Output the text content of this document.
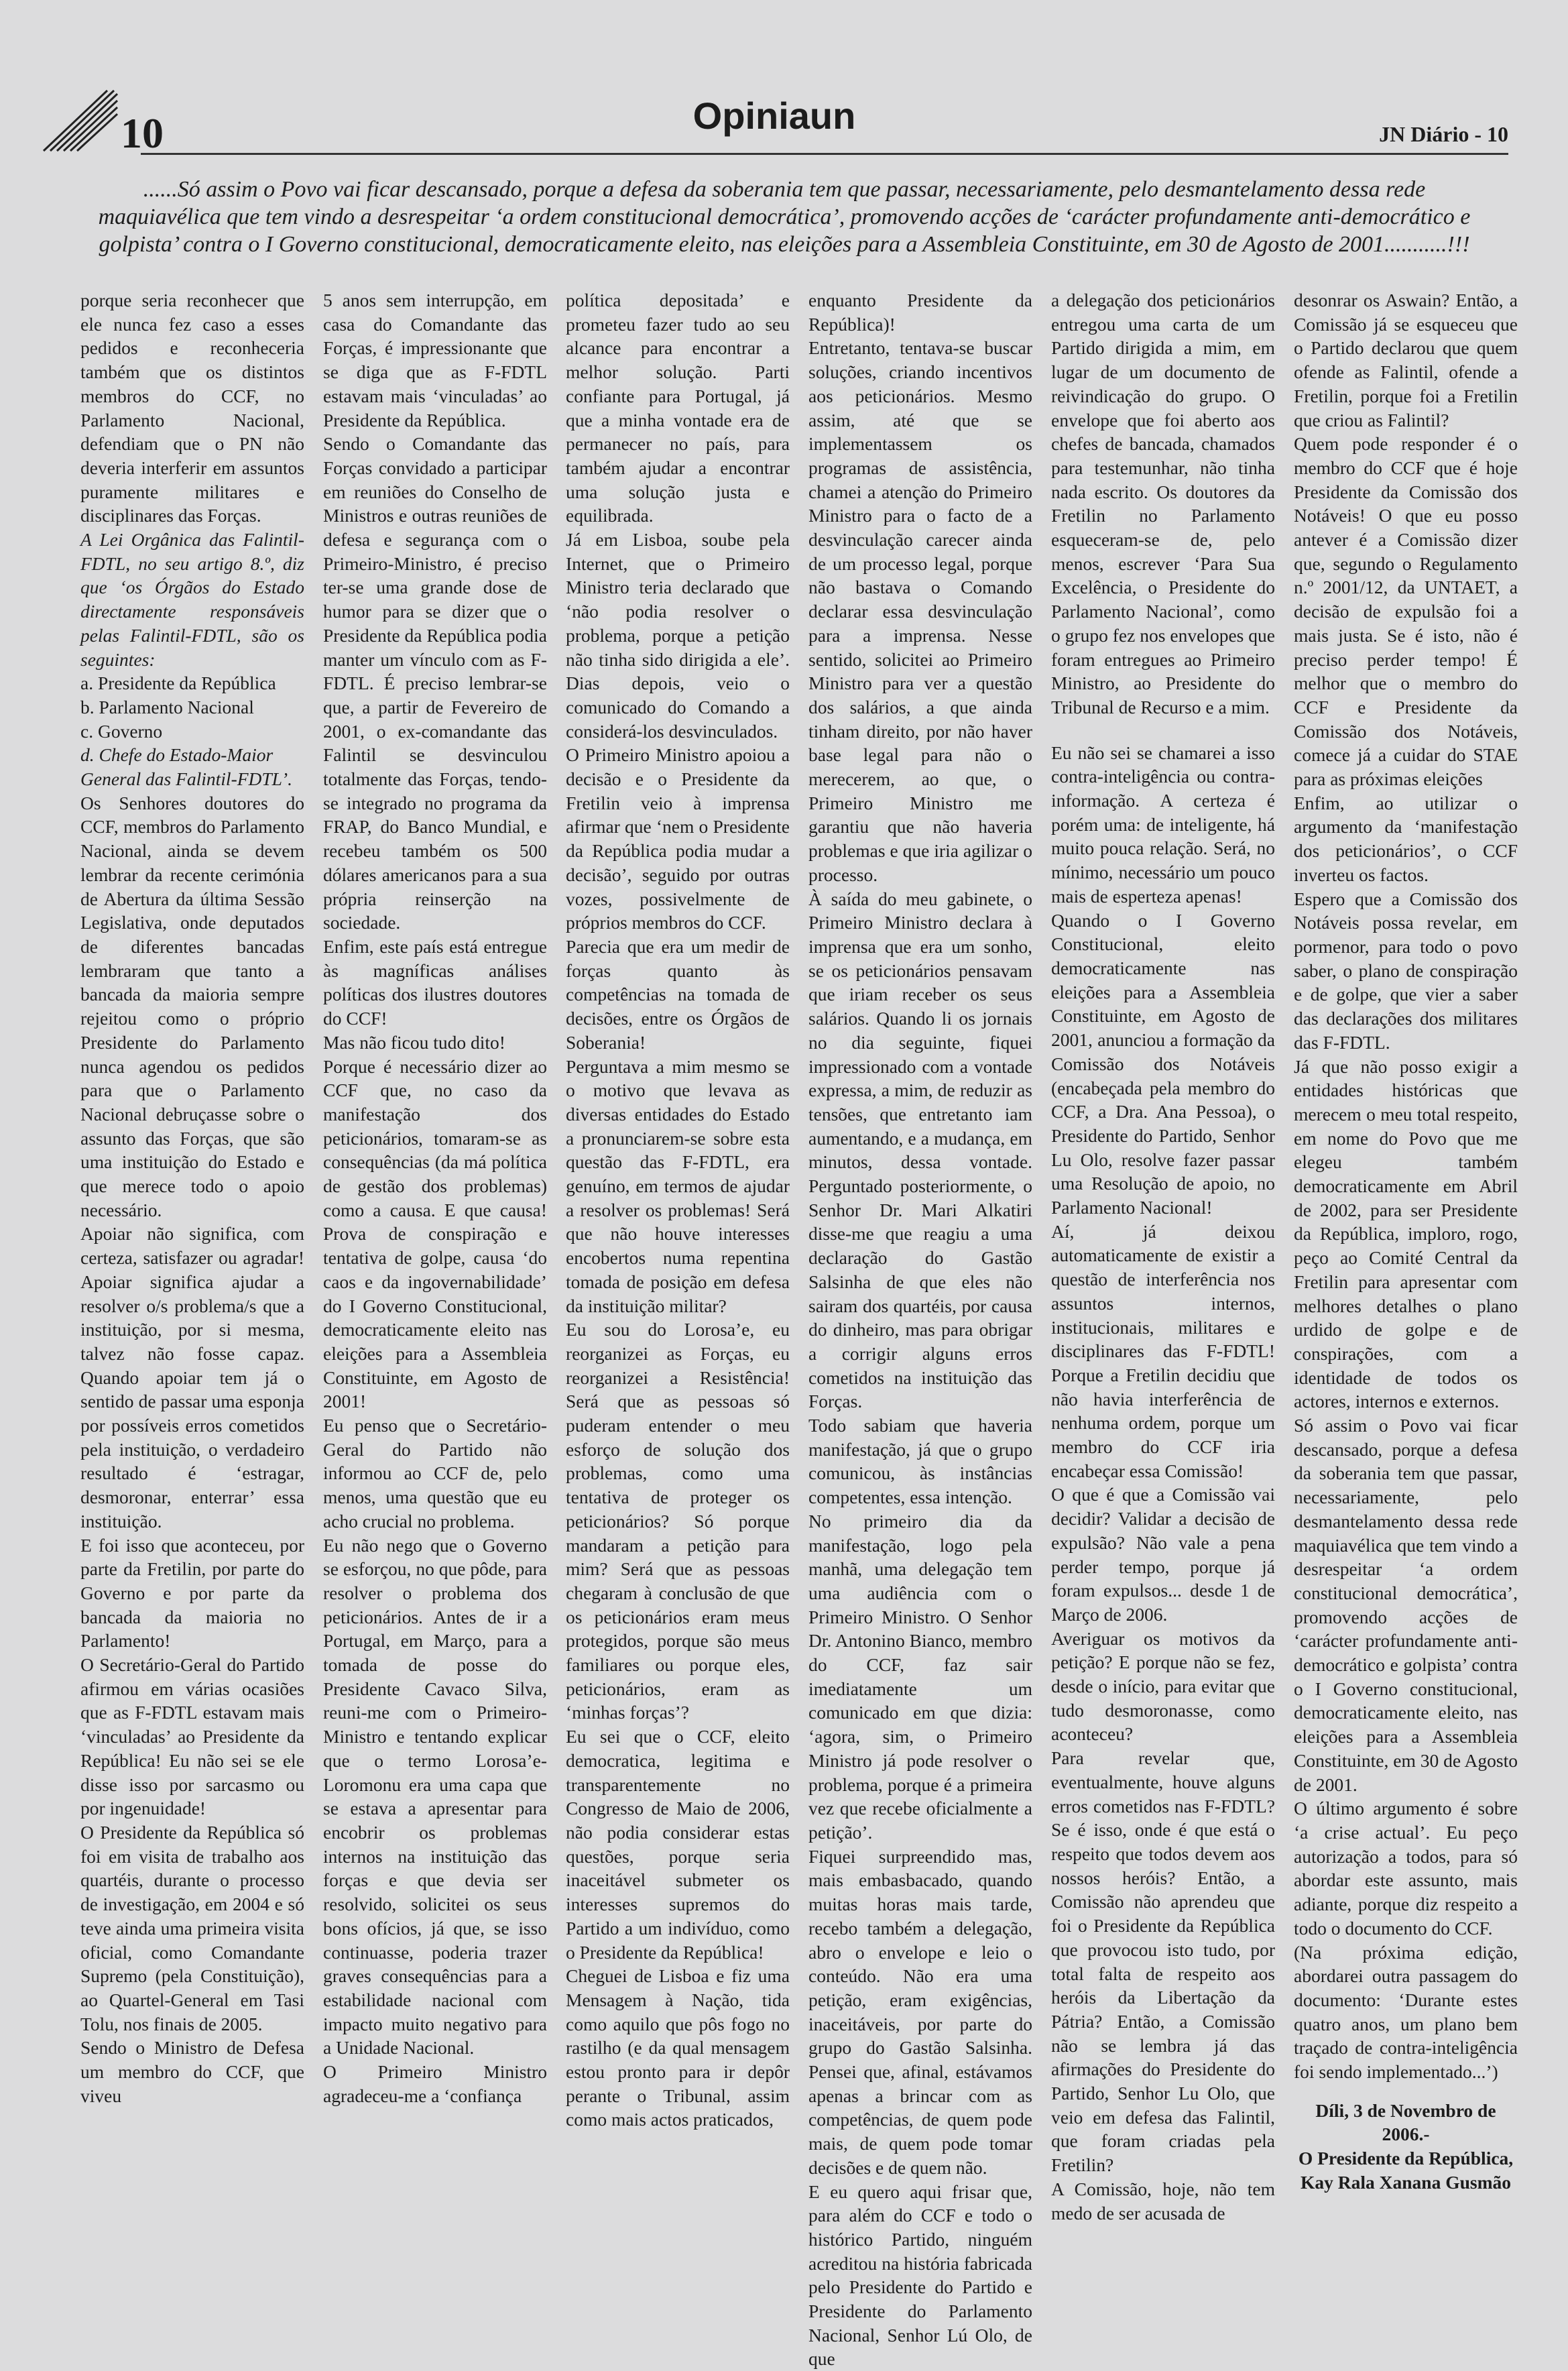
10	Opiniaun	JN Diário - 10
......Só assim o Povo vai ficar descansado, porque a defesa da soberania tem que passar, necessariamente, pelo desmantelamento dessa rede maquiavélica que tem vindo a desrespeitar ‘a ordem constitucional democrática’, promovendo acções de ‘carácter profundamente anti-democrático e golpista’ contra o I Governo constitucional, democraticamente eleito, nas eleições para a Assembleia Constituinte, em 30 de Agosto de 2001...........!!!

porque seria reconhecer que ele nunca fez caso a esses pedidos e reconheceria também que os distintos membros do CCF, no Parlamento Nacional, defendiam que o PN não deveria interferir em assuntos puramente militares e disciplinares das Forças.

A Lei Orgânica das Falintil-FDTL, no seu artigo 8.º, diz que ‘os Órgãos do Estado directamente responsáveis pelas Falintil-FDTL, são os seguintes:

a. Presidente da República

b. Parlamento Nacional

c. Governo

d. Chefe do Estado-Maior General das Falintil-FDTL’.

Os Senhores doutores do CCF, membros do Parlamento Nacional, ainda se devem lembrar da recente cerimónia de Abertura da última Sessão Legislativa, onde deputados de diferentes bancadas lembraram que tanto a bancada da maioria sempre rejeitou como o próprio Presidente do Parlamento nunca agendou os pedidos para que o Parlamento Nacional debruçasse sobre o assunto das Forças, que são uma instituição do Estado e que merece todo o apoio necessário.

Apoiar não significa, com certeza, satisfazer ou agradar! Apoiar significa ajudar a resolver o/s problema/s que a instituição, por si mesma, talvez não fosse capaz. Quando apoiar tem já o sentido de passar uma esponja por possíveis erros cometidos pela instituição, o verdadeiro resultado é ‘estragar, desmoronar, enterrar’ essa instituição.

E foi isso que aconteceu, por parte da Fretilin, por parte do Governo e por parte da bancada da maioria no Parlamento!

O Secretário-Geral do Partido afirmou em várias ocasiões que as F-FDTL estavam mais ‘vinculadas’ ao Presidente da República! Eu não sei se ele disse isso por sarcasmo ou por ingenuidade!

O Presidente da República só foi em visita de trabalho aos quartéis, durante o processo de investigação, em 2004 e só teve ainda uma primeira visita oficial, como Comandante Supremo (pela Constituição), ao Quartel-General em Tasi Tolu, nos finais de 2005.

Sendo o Ministro de Defesa um membro do CCF, que viveu

5 anos sem interrupção, em casa do Comandante das Forças, é impressionante que se diga que as F-FDTL estavam mais ‘vinculadas’ ao Presidente da República.

Sendo o Comandante das Forças convidado a participar em reuniões do Conselho de Ministros e outras reuniões de defesa e segurança com o Primeiro-Ministro, é preciso ter-se uma grande dose de humor para se dizer que o Presidente da República podia manter um vínculo com as F-FDTL. É preciso lembrar-se que, a partir de Fevereiro de 2001, o ex-comandante das Falintil se desvinculou totalmente das Forças, tendo-se integrado no programa da FRAP, do Banco Mundial, e recebeu também os 500 dólares americanos para a sua própria reinserção na sociedade.

Enfim, este país está entregue às magníficas análises políticas dos ilustres doutores do CCF!

Mas não ficou tudo dito!

Porque é necessário dizer ao CCF que, no caso da manifestação dos peticionários, tomaram-se as consequências (da má política de gestão dos problemas) como a causa. E que causa! Prova de conspiração e tentativa de golpe, causa ‘do caos e da ingovernabilidade’ do I Governo Constitucional, democraticamente eleito nas eleições para a Assembleia Constituinte, em Agosto de 2001!

Eu penso que o Secretário-Geral do Partido não informou ao CCF de, pelo menos, uma questão que eu acho crucial no problema.

Eu não nego que o Governo se esforçou, no que pôde, para resolver o problema dos peticionários. Antes de ir a Portugal, em Março, para a tomada de posse do Presidente Cavaco Silva, reuni-me com o Primeiro-Ministro e tentando explicar que o termo Lorosa’e-Loromonu era uma capa que se estava a apresentar para encobrir os problemas internos na instituição das forças e que devia ser resolvido, solicitei os seus bons ofícios, já que, se isso continuasse, poderia trazer graves consequências para a estabilidade nacional com impacto muito negativo para a Unidade Nacional.

O Primeiro Ministro agradeceu-me a ‘confiança

política depositada’ e prometeu fazer tudo ao seu alcance para encontrar a melhor solução. Parti confiante para Portugal, já que a minha vontade era de permanecer no país, para também ajudar a encontrar uma solução justa e equilibrada.

Já em Lisboa, soube pela Internet, que o Primeiro Ministro teria declarado que ‘não podia resolver o problema, porque a petição não tinha sido dirigida a ele’. Dias depois, veio o comunicado do Comando a considerá-los desvinculados.

O Primeiro Ministro apoiou a decisão e o Presidente da Fretilin veio à imprensa afirmar que ‘nem o Presidente da República podia mudar a decisão’, seguido por outras vozes, possivelmente de próprios membros do CCF.

Parecia que era um medir de forças quanto às competências na tomada de decisões, entre os Órgãos de Soberania!

Perguntava a mim mesmo se o motivo que levava as diversas entidades do Estado a pronunciarem-se sobre esta questão das F-FDTL, era genuíno, em termos de ajudar a resolver os problemas! Será que não houve interesses encobertos numa repentina tomada de posição em defesa da instituição militar?

Eu sou do Lorosa’e, eu reorganizei as Forças, eu reorganizei a Resistência! Será que as pessoas só puderam entender o meu esforço de solução dos problemas, como uma tentativa de proteger os peticionários? Só porque mandaram a petição para mim? Será que as pessoas chegaram à conclusão de que os peticionários eram meus protegidos, porque são meus familiares ou porque eles, peticionários, eram as ‘minhas forças’?

Eu sei que o CCF, eleito democratica, legitima e transparentemente no Congresso de Maio de 2006, não podia considerar estas questões, porque seria inaceitável submeter os interesses supremos do Partido a um indivíduo, como o Presidente da República!

Cheguei de Lisboa e fiz uma Mensagem à Nação, tida como aquilo que pôs fogo no rastilho (e da qual mensagem estou pronto para ir depôr perante o Tribunal, assim como mais actos praticados,

enquanto Presidente da República)!

Entretanto, tentava-se buscar soluções, criando incentivos aos peticionários. Mesmo assim, até que se implementassem os programas de assistência, chamei a atenção do Primeiro Ministro para o facto de a desvinculação carecer ainda de um processo legal, porque não bastava o Comando declarar essa desvinculação para a imprensa. Nesse sentido, solicitei ao Primeiro Ministro para ver a questão dos salários, a que ainda tinham direito, por não haver base legal para não o merecerem, ao que, o Primeiro Ministro me garantiu que não haveria problemas e que iria agilizar o processo.

À saída do meu gabinete, o Primeiro Ministro declara à imprensa que era um sonho, se os peticionários pensavam que iriam receber os seus salários. Quando li os jornais no dia seguinte, fiquei impressionado com a vontade expressa, a mim, de reduzir as tensões, que entretanto iam aumentando, e a mudança, em minutos, dessa vontade. Perguntado posteriormente, o Senhor Dr. Mari Alkatiri disse-me que reagiu a uma declaração do Gastão Salsinha de que eles não sairam dos quartéis, por causa do dinheiro, mas para obrigar a corrigir alguns erros cometidos na instituição das Forças.

Todo sabiam que haveria manifestação, já que o grupo comunicou, às instâncias competentes, essa intenção.

No primeiro dia da manifestação, logo pela manhã, uma delegação tem uma audiência com o Primeiro Ministro. O Senhor Dr. Antonino Bianco, membro do CCF, faz sair imediatamente um comunicado em que dizia: ‘agora, sim, o Primeiro Ministro já pode resolver o problema, porque é a primeira vez que recebe oficialmente a petição’.

Fiquei surpreendido mas, mais embasbacado, quando muitas horas mais tarde, recebo também a delegação, abro o envelope e leio o conteúdo. Não era uma petição, eram exigências, inaceitáveis, por parte do grupo do Gastão Salsinha. Pensei que, afinal, estávamos apenas a brincar com as competências, de quem pode mais, de quem pode tomar decisões e de quem não.

E eu quero aqui frisar que, para além do CCF e todo o histórico Partido, ninguém acreditou na história fabricada pelo Presidente do Partido e Presidente do Parlamento Nacional, Senhor Lú Olo, de que

a delegação dos peticionários entregou uma carta de um Partido dirigida a mim, em lugar de um documento de reivindicação do grupo. O envelope que foi aberto aos chefes de bancada, chamados para testemunhar, não tinha nada escrito. Os doutores da Fretilin no Parlamento esqueceram-se de, pelo menos, escrever ‘Para Sua Excelência, o Presidente do Parlamento Nacional’, como o grupo fez nos envelopes que foram entregues ao Primeiro Ministro, ao Presidente do Tribunal de Recurso e a mim.

Eu não sei se chamarei a isso contra-inteligência ou contra-informação. A certeza é porém uma: de inteligente, há muito pouca relação. Será, no mínimo, necessário um pouco mais de esperteza apenas!

Quando o I Governo Constitucional, eleito democraticamente nas eleições para a Assembleia Constituinte, em Agosto de 2001, anunciou a formação da Comissão dos Notáveis (encabeçada pela membro do CCF, a Dra. Ana Pessoa), o Presidente do Partido, Senhor Lu Olo, resolve fazer passar uma Resolução de apoio, no Parlamento Nacional!

Aí, já deixou automaticamente de existir a questão de interferência nos assuntos internos, institucionais, militares e disciplinares das F-FDTL! Porque a Fretilin decidiu que não havia interferência de nenhuma ordem, porque um membro do CCF iria encabeçar essa Comissão!

O que é que a Comissão vai decidir? Validar a decisão de expulsão? Não vale a pena perder tempo, porque já foram expulsos... desde 1 de Março de 2006.

Averiguar os motivos da petição? E porque não se fez, desde o início, para evitar que tudo desmoronasse, como aconteceu?

Para revelar que, eventualmente, houve alguns erros cometidos nas F-FDTL? Se é isso, onde é que está o respeito que todos devem aos nossos heróis? Então, a Comissão não aprendeu que foi o Presidente da República que provocou isto tudo, por total falta de respeito aos heróis da Libertação da Pátria? Então, a Comissão não se lembra já das afirmações do Presidente do Partido, Senhor Lu Olo, que veio em defesa das Falintil, que foram criadas pela Fretilin?

A Comissão, hoje, não tem medo de ser acusada de

desonrar os Aswain? Então, a Comissão já se esqueceu que o Partido declarou que quem ofende as Falintil, ofende a Fretilin, porque foi a Fretilin que criou as Falintil?

Quem pode responder é o membro do CCF que é hoje Presidente da Comissão dos Notáveis! O que eu posso antever é a Comissão dizer que, segundo o Regulamento n.º 2001/12, da UNTAET, a decisão de expulsão foi a mais justa. Se é isto, não é preciso perder tempo! É melhor que o membro do CCF e Presidente da Comissão dos Notáveis, comece já a cuidar do STAE para as próximas eleições

Enfim, ao utilizar o argumento da ‘manifestação dos peticionários’, o CCF inverteu os factos.

Espero que a Comissão dos Notáveis possa revelar, em pormenor, para todo o povo saber, o plano de conspiração e de golpe, que vier a saber das declarações dos militares das F-FDTL.

Já que não posso exigir a entidades históricas que merecem o meu total respeito, em nome do Povo que me elegeu também democraticamente em Abril de 2002, para ser Presidente da República, imploro, rogo, peço ao Comité Central da Fretilin para apresentar com melhores detalhes o plano urdido de golpe e de conspirações, com a identidade de todos os actores, internos e externos.

Só assim o Povo vai ficar descansado, porque a defesa da soberania tem que passar, necessariamente, pelo desmantelamento dessa rede maquiavélica que tem vindo a desrespeitar ‘a ordem constitucional democrática’, promovendo acções de ‘carácter profundamente anti-democrático e golpista’ contra o I Governo constitucional, democraticamente eleito, nas eleições para a Assembleia Constituinte, em 30 de Agosto de 2001.

O último argumento é sobre ‘a crise actual’. Eu peço autorização a todos, para só abordar este assunto, mais adiante, porque diz respeito a todo o documento do CCF.

(Na próxima edição, abordarei outra passagem do documento: ‘Durante estes quatro anos, um plano bem traçado de contra-inteligência foi sendo implementado...’)

Díli, 3 de Novembro de 2006.-
O Presidente da República,
Kay Rala Xanana Gusmão
